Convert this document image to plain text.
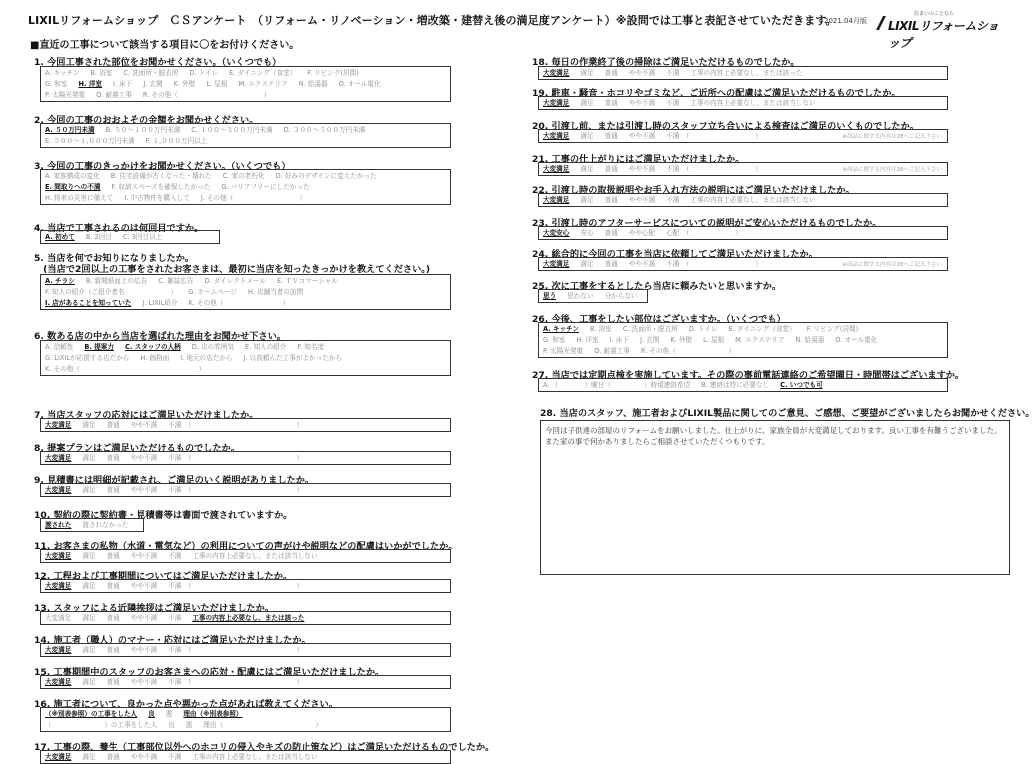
LIXILリフォームショップ　ＣＳアンケート　（リフォーム・リノベーション・増改築・建替え後の満足度アンケート）※設問では工事と表記させていただきます。
2021.04月版
住まいのことなら
LIXILリフォームショップ
■直近の工事について該当する項目に〇をお付けください。
1. 今回工事された部位をお聞かせください。（いくつでも）
A. キッチン B. 浴室 C. 洗面所・脱衣所 D. トイレ E. ダイニング（食堂） F. リビング(居間)
G. 和室 H. 洋室 I. 床下 J. 玄関 K. 外壁 L. 屋根 M. エクステリア N. 給湯器 O. オール電化
P. 太陽光発電 Q. 耐震工事 R. その他（　　　　　　　　　　　　　）
2. 今回の工事のおおよその金額をお聞かせください。
A. ５０万円未満 B. ５０～１００万円未満 C. １００～３００万円未満 D. ３００～５００万円未満
E. ５００～１,０００万円未満 F. １,０００万円以上
3. 今回の工事のきっかけをお聞かせください。（いくつでも）
A. 家族構成の変化 B. 住宅設備が古くなった・壊れた C. 家の老朽化 D. 好みのデザインに変えたかった
E. 間取りへの不満 F. 収納スペースを確保したかった G. バリアフリーにしたかった
H. 将来の災害に備えて I. 中古物件を購入して J. その他（　　　　　　　　　　）
4. 当店で工事されるのは何回目ですか。
A. 初めて B. 2回目 C. 3回目以上
5. 当店を何でお知りになりましたか。
　(当店で2回以上の工事をされたお客さまは、最初に当店を知ったきっかけを教えてください。)
A. チラシ B. 新聞紙面上の広告 C. 雑誌広告 D. ダイレクトメール E. ＴＶコマーシャル
F. 知人の紹介（ご紹介者名　　　　　　　） G. ホームページ H. 店舗当者の訪問
I. 店があることを知っていた J. LIXIL紹介 K. その他（　　　　　　　　　）
6. 数ある店の中から当店を選ばれた理由をお聞かせ下さい。
A. 信頼性 B. 提案力 C. スタッフの人柄 D. 店の雰囲気 E. 知人の紹介 F. 知名度
G. LIXILが応援する店だから H. 価格面 I. 地元の店だから J. 以前頼んだ工事がよかったから
K. その他（　　　　　　　　　　　　　　　　　　）
7. 当店スタッフの応対にはご満足いただけましたか。
大変満足 満足 普通 やや不満 不満　（　　　　　　　　　　　　　　　　）
8. 提案プランはご満足いただけるものでしたか。
大変満足 満足 普通 やや不満 不満　（　　　　　　　　　　　　　　　　）
9. 見積書には明細が記載され、ご満足のいく説明がありましたか。
大変満足 満足 普通 やや不満 不満　（　　　　　　　　　　　　　　　　）
10. 契約の際に契約書・見積書等は書面で渡されていますか。
渡された 渡されなかった
11. お客さまの私物（水道・電気など）の利用についての声がけや説明などの配慮はいかがでしたか。
大変満足 満足 普通 やや不満 不満 工事の内容上必要なし、または該当しない
12. 工程および工事期間についてはご満足いただけましたか。
大変満足 満足 普通 やや不満 不満　（　　　　　　　　　　　　　　　　）
13. スタッフによる近隣挨拶はご満足いただけましたか。
大変満足 満足 普通 やや不満 不満 工事の内容上必要なし、または該った
14. 施工者（職人）のマナー・応対にはご満足いただけましたか。
大変満足 満足 普通 やや不満 不満　（　　　　　　　　　　　　　　　　）
15. 工事期間中のスタッフのお客さまへの応対・配慮にはご満足いただけましたか。
大変満足 満足 普通 やや不満 不満　（　　　　　　　　　　　　　　　　）
16. 施工者について、良かった点や悪かった点があれば教えてください。
（※別表参照）の工事をした人 良 悪 理由（※別表参照）
（　　　　　　　　）の工事をした人 良 悪 理由（　　　　　　　　　　　　　　）
17. 工事の際、養生（工事部位以外へのホコリの侵入やキズの防止策など）はご満足いただけるものでしたか。
大変満足 満足 普通 やや不満 不満 工事の内容上必要なし、または該当しない
18. 毎日の作業終了後の掃除はご満足いただけるものでしたか。
大変満足 満足 普通 やや不満 不満 工事の内容上必要なし、または該った
19. 駐車・騒音・ホコリやゴミなど、ご近所への配慮はご満足いただけるものでしたか。
大変満足 満足 普通 やや不満 不満 工事の内容上必要なし、または該当しない
20. 引渡し前、または引渡し時のスタッフ立ち合いによる検査はご満足のいくものでしたか。
大変満足 満足 普通 やや不満 不満　（　　　　　　　　　　）	※商品に関する内容は28へご記入下さい
21. 工事の仕上がりにはご満足いただけましたか。
大変満足 満足 普通 やや不満 不満　（　　　　　　　　　　）	※商品に関する内容は28へご記入下さい
22. 引渡し時の取扱説明やお手入れ方法の説明にはご満足いただけましたか。
大変満足 満足 普通 やや不満 不満 工事の内容上必要なし、または該当しない
23. 引渡し時のアフターサービスについての説明がご安心いただけるものでしたか。
大変安心 安心 普通 やや心配 心配　（　　　　　　　）
24. 総合的に今回の工事を当店に依頼してご満足いただけましたか。
大変満足 満足 普通 やや不満 不満　（　　　　　　　　　　）	※商品に関する内容は28へご記入下さい
25. 次に工事をするとしたら当店に頼みたいと思いますか。
思う 思わない 分からない
26. 今後、工事をしたい部位はございますか。（いくつでも）
A. キッチン B. 浴室 C. 洗面所・脱衣所 D. トイレ E. ダイニング（食堂） F. リビング(居間)
G. 和室 H. 洋室 I. 床下 J. 玄関 K. 外壁 L. 屋根 M. エクステリア N. 給湯器 O. オール電化
P. 太陽光発電 Q. 耐震工事 R. その他（　　　　　　　　）
27. 当店では定期点検を実施しています。その際の事前電話連絡のご希望曜日・時間帯はございますか。
A. （　　　　）曜日（　　　　　）時頃連絡希望 B. 連絡は特に必要なし C. いつでも可
28. 当店のスタッフ、施工者およびLIXIL製品に関してのご意見、ご感想、ご要望がございましたらお聞かせください。
今回は子供達の部屋のリフォームをお願いしました。仕上がりに、家族全員が大変満足しております。良い工事を有難うございました。また家の事で何かありましたらご相談させていただくつもりです。
